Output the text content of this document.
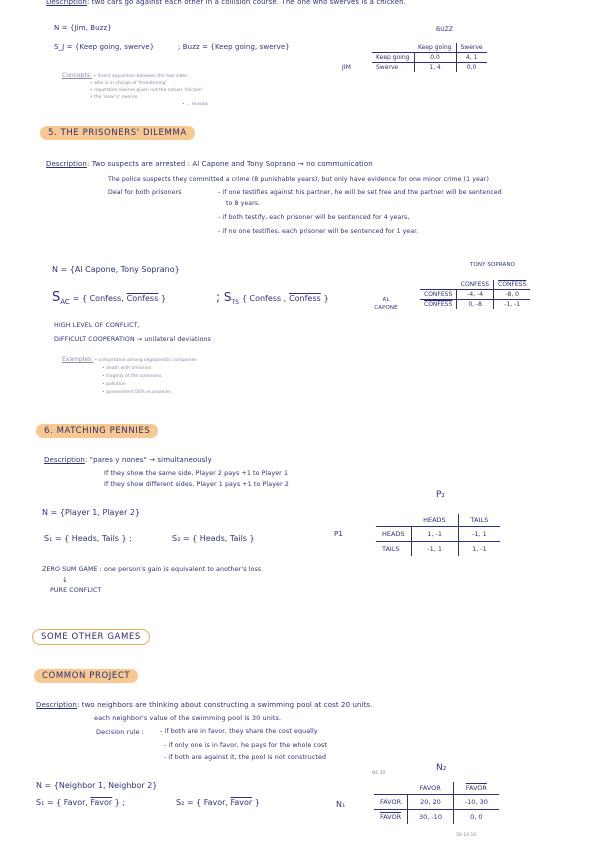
Description: two cars go against each other in a collision course. The one who swerves is a chicken.
N = {Jim, Buzz}
S_J = {Keep going, swerve}	; Buzz = {Keep going, swerve}
BUZZ
JIM
	Keep going	Swerve
Keep going	0,0	4, 1
Swerve	1, 4	0,0
Concepts: • direct opposition between the two sides
• who is in charge of 'threatening'
• reputation swerve given not the notion 'chicken'
• the 'loser's' swerve
• ... reveals
5. THE PRISONERS' DILEMMA
Description: Two suspects are arrested : Al Capone and Tony Soprano → no communication
The police suspects they committed a crime (8 punishable years), but only have evidence for one minor crime (1 year)
Deal for both prisoners	- if one testifies against his partner, he will be set free and the partner will be sentenced
to 8 years.
- if both testify, each prisoner will be sentenced for 4 years,
- if no one testifies, each prisoner will be sentenced for 1 year.
N = {Al Capone, Tony Soprano}
$S_{AC}$ = { Confess, Confess }	; $S_{TS}$ { Confess , Confess }
TONY SOPRANO
AL CAPONE
	CONFESS	CONFESS
CONFESS	-4, -4	-8, 0
CONFESS	0, -8	-1, -1
HIGH LEVEL OF CONFLICT,
DIFFICULT COOPERATION → unilateral deviations
Examples: • competition among oligopolistic companies
• death with omission
• tragedy of the commons
• pollution
• government 50% economies
6. MATCHING PENNIES
Description: "pares y nones" → simultaneously
If they show the same side, Player 2 pays +1 to Player 1
If they show different sides, Player 1 pays +1 to Player 2
N = {Player 1, Player 2}
S₁ = { Heads, Tails } ;	S₂ = { Heads, Tails }
P₂
P1
	HEADS	TAILS
HEADS	1, -1	-1, 1
TAILS	-1, 1	1, -1
ZERO SUM GAME : one person's gain is equivalent to another's loss
↓
PURE CONFLICT
SOME OTHER GAMES
COMMON PROJECT
Description: two neighbors are thinking about constructing a swimming pool at cost 20 units.
each neighbor's value of the swimming pool is 30 units.
Decision rule :	- if both are in favor, they share the cost equally
- if only one is in favor, he pays for the whole cost
- if both are against it, the pool is not constructed
N = {Neighbor 1, Neighbor 2}
S₁ = { Favor, Favor } ;	S₂ = { Favor, Favor }
NE 30
N₂
N₁
	FAVOR	FAVOR
FAVOR	20, 20	-10, 30
FAVOR	30, -10	0, 0
30-10 10
